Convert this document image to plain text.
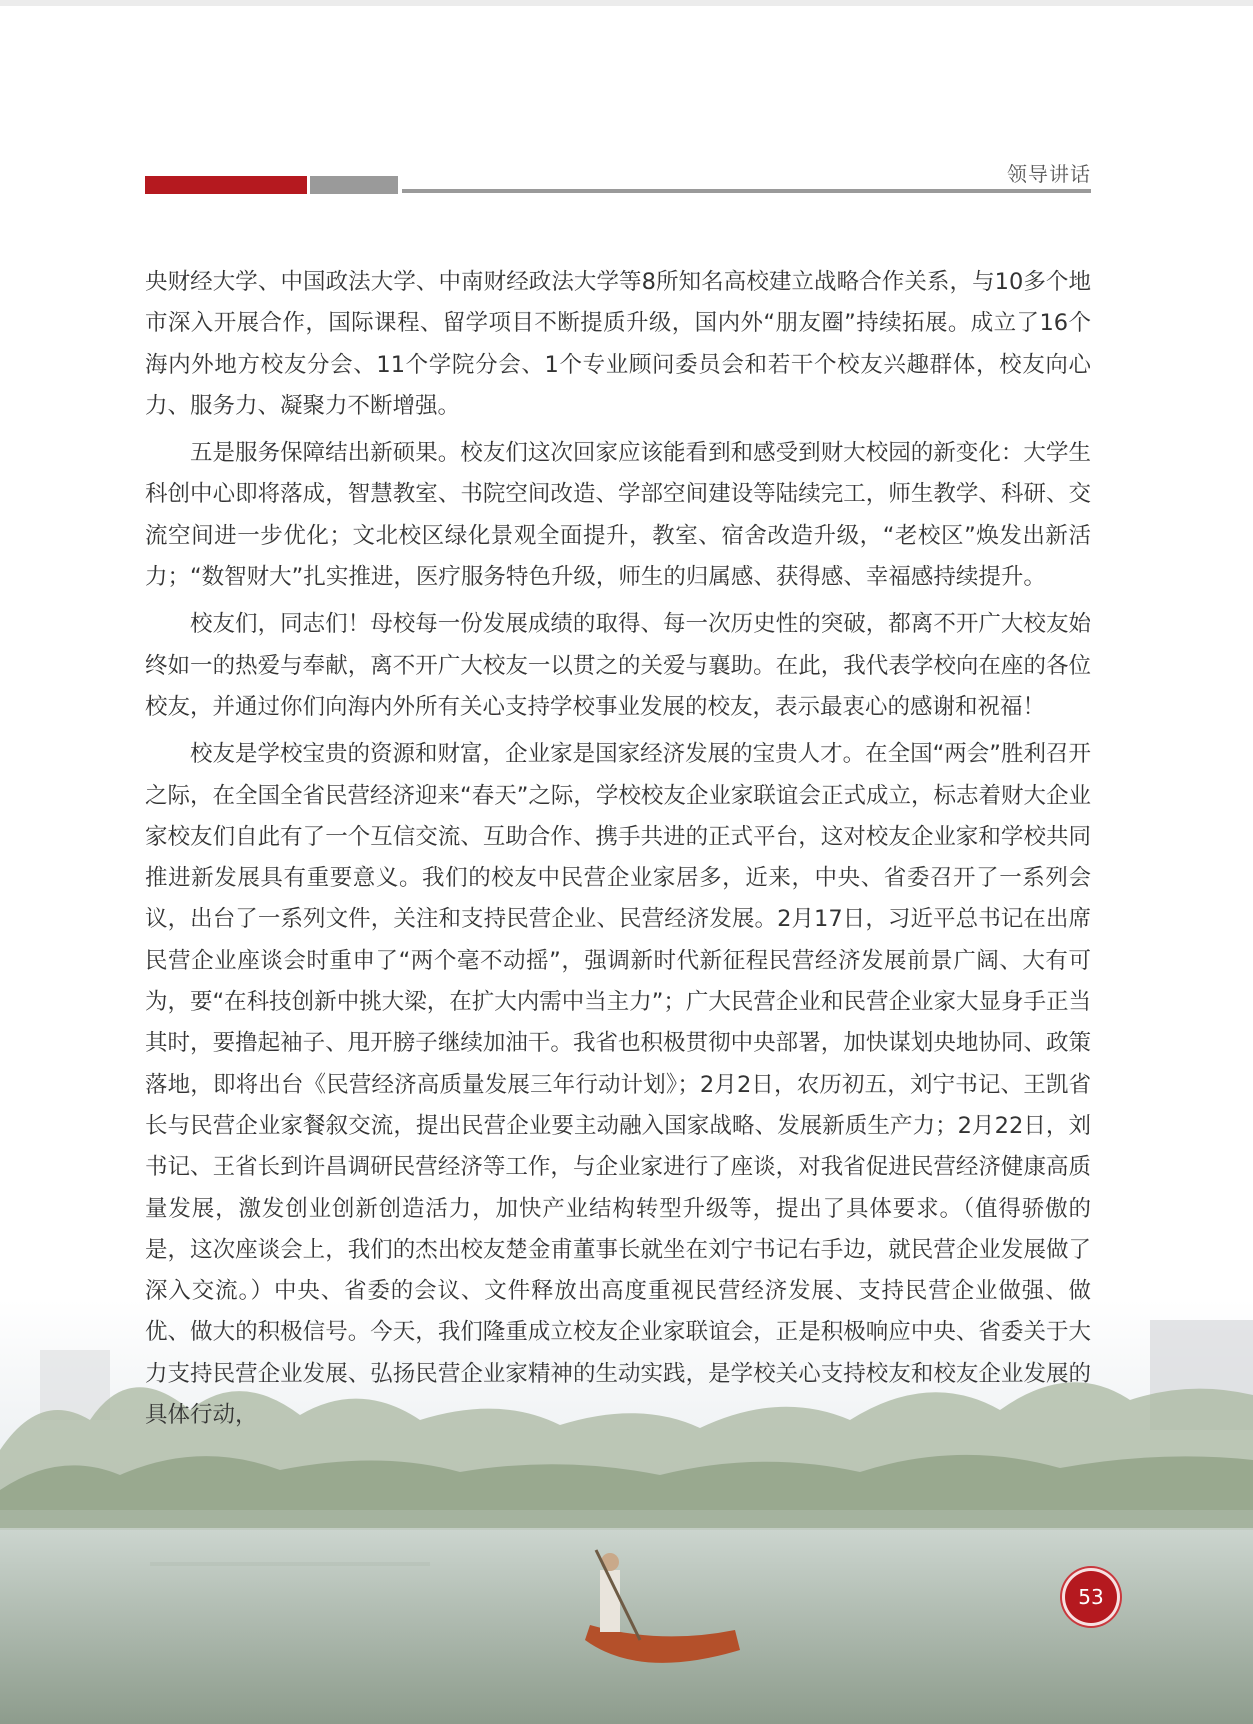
领导讲话

央财经大学、中国政法大学、中南财经政法大学等8所知名高校建立战略合作关系，与10多个地市深入开展合作，国际课程、留学项目不断提质升级，国内外“朋友圈”持续拓展。成立了16个海内外地方校友分会、11个学院分会、1个专业顾问委员会和若干个校友兴趣群体，校友向心力、服务力、凝聚力不断增强。

五是服务保障结出新硕果。校友们这次回家应该能看到和感受到财大校园的新变化：大学生科创中心即将落成，智慧教室、书院空间改造、学部空间建设等陆续完工，师生教学、科研、交流空间进一步优化；文北校区绿化景观全面提升，教室、宿舍改造升级，“老校区”焕发出新活力；“数智财大”扎实推进，医疗服务特色升级，师生的归属感、获得感、幸福感持续提升。

校友们，同志们！母校每一份发展成绩的取得、每一次历史性的突破，都离不开广大校友始终如一的热爱与奉献，离不开广大校友一以贯之的关爱与襄助。在此，我代表学校向在座的各位校友，并通过你们向海内外所有关心支持学校事业发展的校友，表示最衷心的感谢和祝福！

校友是学校宝贵的资源和财富，企业家是国家经济发展的宝贵人才。在全国“两会”胜利召开之际，在全国全省民营经济迎来“春天”之际，学校校友企业家联谊会正式成立，标志着财大企业家校友们自此有了一个互信交流、互助合作、携手共进的正式平台，这对校友企业家和学校共同推进新发展具有重要意义。我们的校友中民营企业家居多，近来，中央、省委召开了一系列会议，出台了一系列文件，关注和支持民营企业、民营经济发展。2月17日，习近平总书记在出席民营企业座谈会时重申了“两个毫不动摇”，强调新时代新征程民营经济发展前景广阔、大有可为，要“在科技创新中挑大梁，在扩大内需中当主力”；广大民营企业和民营企业家大显身手正当其时，要撸起袖子、甩开膀子继续加油干。我省也积极贯彻中央部署，加快谋划央地协同、政策落地，即将出台《民营经济高质量发展三年行动计划》；2月2日，农历初五，刘宁书记、王凯省长与民营企业家餐叙交流，提出民营企业要主动融入国家战略、发展新质生产力；2月22日，刘书记、王省长到许昌调研民营经济等工作，与企业家进行了座谈，对我省促进民营经济健康高质量发展，激发创业创新创造活力，加快产业结构转型升级等，提出了具体要求。（值得骄傲的是，这次座谈会上，我们的杰出校友楚金甫董事长就坐在刘宁书记右手边，就民营企业发展做了深入交流。）中央、省委的会议、文件释放出高度重视民营经济发展、支持民营企业做强、做优、做大的积极信号。今天，我们隆重成立校友企业家联谊会，正是积极响应中央、省委关于大力支持民营企业发展、弘扬民营企业家精神的生动实践，是学校关心支持校友和校友企业发展的具体行动，

53
